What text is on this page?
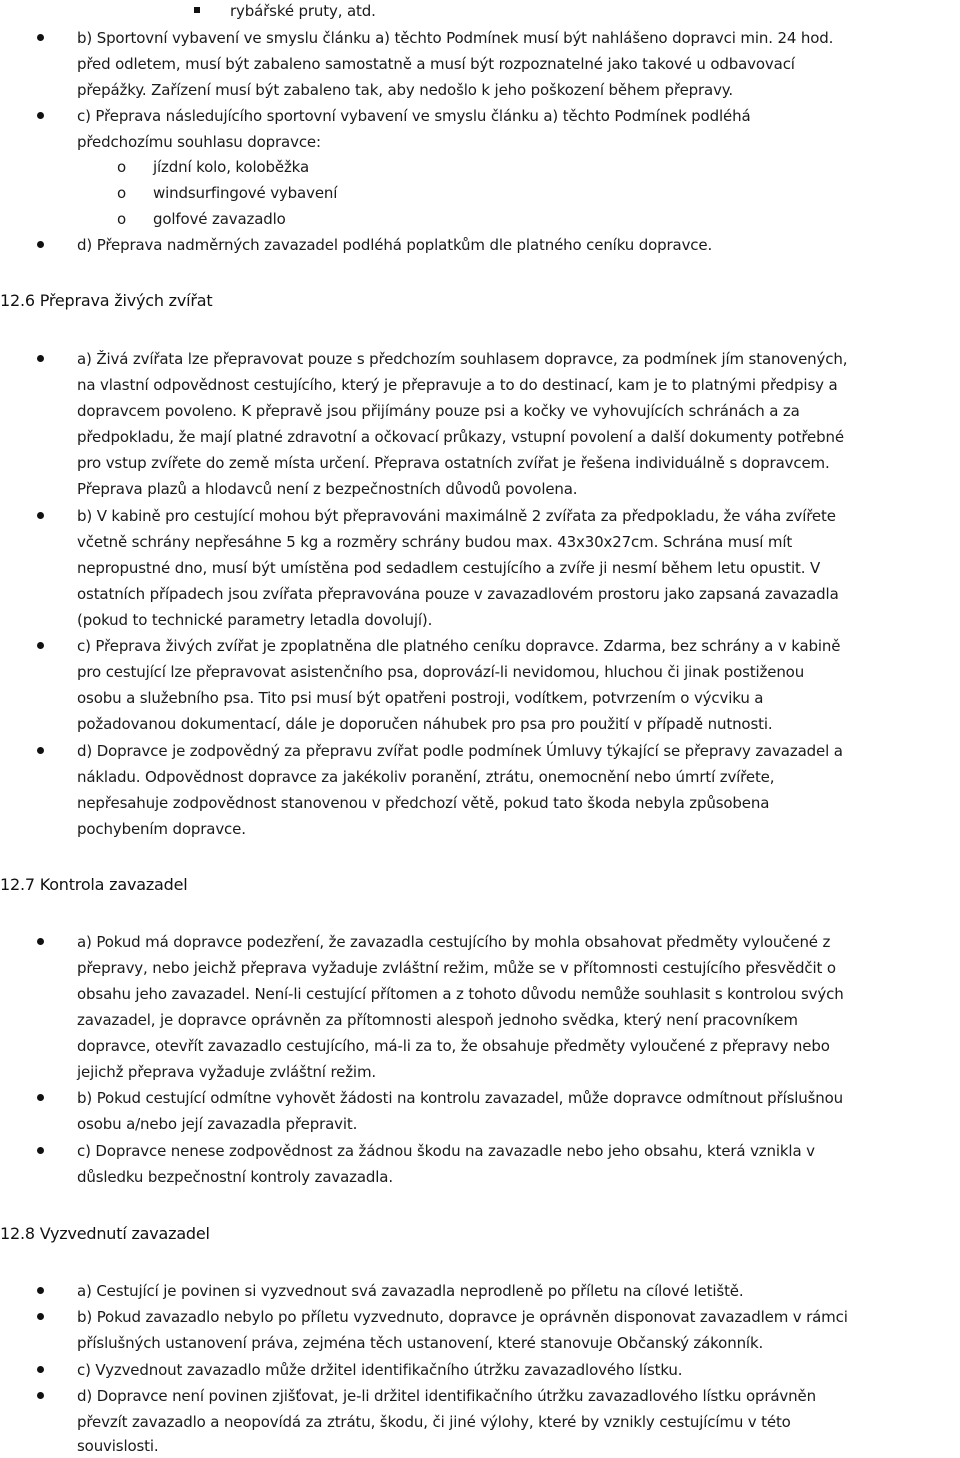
rybářské pruty, atd.
b) Sportovní vybavení ve smyslu článku a) těchto Podmínek musí být nahlášeno dopravci min. 24 hod.
před odletem, musí být zabaleno samostatně a musí být rozpoznatelné jako takové u odbavovací
přepážky. Zařízení musí být zabaleno tak, aby nedošlo k jeho poškození během přepravy.
c) Přeprava následujícího sportovní vybavení ve smyslu článku a) těchto Podmínek podléhá
předchozímu souhlasu dopravce:
o jízdní kolo, koloběžka
o windsurfingové vybavení
o golfové zavazadlo
d) Přeprava nadměrných zavazadel podléhá poplatkům dle platného ceníku dopravce.
12.6 Přeprava živých zvířat
a) Živá zvířata lze přepravovat pouze s předchozím souhlasem dopravce, za podmínek jím stanovených,
na vlastní odpovědnost cestujícího, který je přepravuje a to do destinací, kam je to platnými předpisy a
dopravcem povoleno. K přepravě jsou přijímány pouze psi a kočky ve vyhovujících schránách a za
předpokladu, že mají platné zdravotní a očkovací průkazy, vstupní povolení a další dokumenty potřebné
pro vstup zvířete do země místa určení. Přeprava ostatních zvířat je řešena individuálně s dopravcem.
Přeprava plazů a hlodavců není z bezpečnostních důvodů povolena.
b) V kabině pro cestující mohou být přepravováni maximálně 2 zvířata za předpokladu, že váha zvířete
včetně schrány nepřesáhne 5 kg a rozměry schrány budou max. 43x30x27cm. Schrána musí mít
nepropustné dno, musí být umístěna pod sedadlem cestujícího a zvíře ji nesmí během letu opustit. V
ostatních případech jsou zvířata přepravována pouze v zavazadlovém prostoru jako zapsaná zavazadla
(pokud to technické parametry letadla dovolují).
c) Přeprava živých zvířat je zpoplatněna dle platného ceníku dopravce. Zdarma, bez schrány a v kabině
pro cestující lze přepravovat asistenčního psa, doprovází-li nevidomou, hluchou či jinak postiženou
osobu a služebního psa. Tito psi musí být opatřeni postroji, vodítkem, potvrzením o výcviku a
požadovanou dokumentací, dále je doporučen náhubek pro psa pro použití v případě nutnosti.
d) Dopravce je zodpovědný za přepravu zvířat podle podmínek Úmluvy týkající se přepravy zavazadel a
nákladu. Odpovědnost dopravce za jakékoliv poranění, ztrátu, onemocnění nebo úmrtí zvířete,
nepřesahuje zodpovědnost stanovenou v předchozí větě, pokud tato škoda nebyla způsobena
pochybením dopravce.
12.7 Kontrola zavazadel
a) Pokud má dopravce podezření, že zavazadla cestujícího by mohla obsahovat předměty vyloučené z
přepravy, nebo jeichž přeprava vyžaduje zvláštní režim, může se v přítomnosti cestujícího přesvědčit o
obsahu jeho zavazadel. Není-li cestující přítomen a z tohoto důvodu nemůže souhlasit s kontrolou svých
zavazadel, je dopravce oprávněn za přítomnosti alespoň jednoho svědka, který není pracovníkem
dopravce, otevřít zavazadlo cestujícího, má-li za to, že obsahuje předměty vyloučené z přepravy nebo
jejichž přeprava vyžaduje zvláštní režim.
b) Pokud cestující odmítne vyhovět žádosti na kontrolu zavazadel, může dopravce odmítnout příslušnou
osobu a/nebo její zavazadla přepravit.
c) Dopravce nenese zodpovědnost za žádnou škodu na zavazadle nebo jeho obsahu, která vznikla v
důsledku bezpečnostní kontroly zavazadla.
12.8 Vyzvednutí zavazadel
a) Cestující je povinen si vyzvednout svá zavazadla neprodleně po příletu na cílové letiště.
b) Pokud zavazadlo nebylo po příletu vyzvednuto, dopravce je oprávněn disponovat zavazadlem v rámci
příslušných ustanovení práva, zejména těch ustanovení, které stanovuje Občanský zákonník.
c) Vyzvednout zavazadlo může držitel identifikačního útržku zavazadlového lístku.
d) Dopravce není povinen zjišťovat, je-li držitel identifikačního útržku zavazadlového lístku oprávněn
převzít zavazadlo a neopovídá za ztrátu, škodu, či jiné výlohy, které by vznikly cestujícímu v této
souvislosti.
